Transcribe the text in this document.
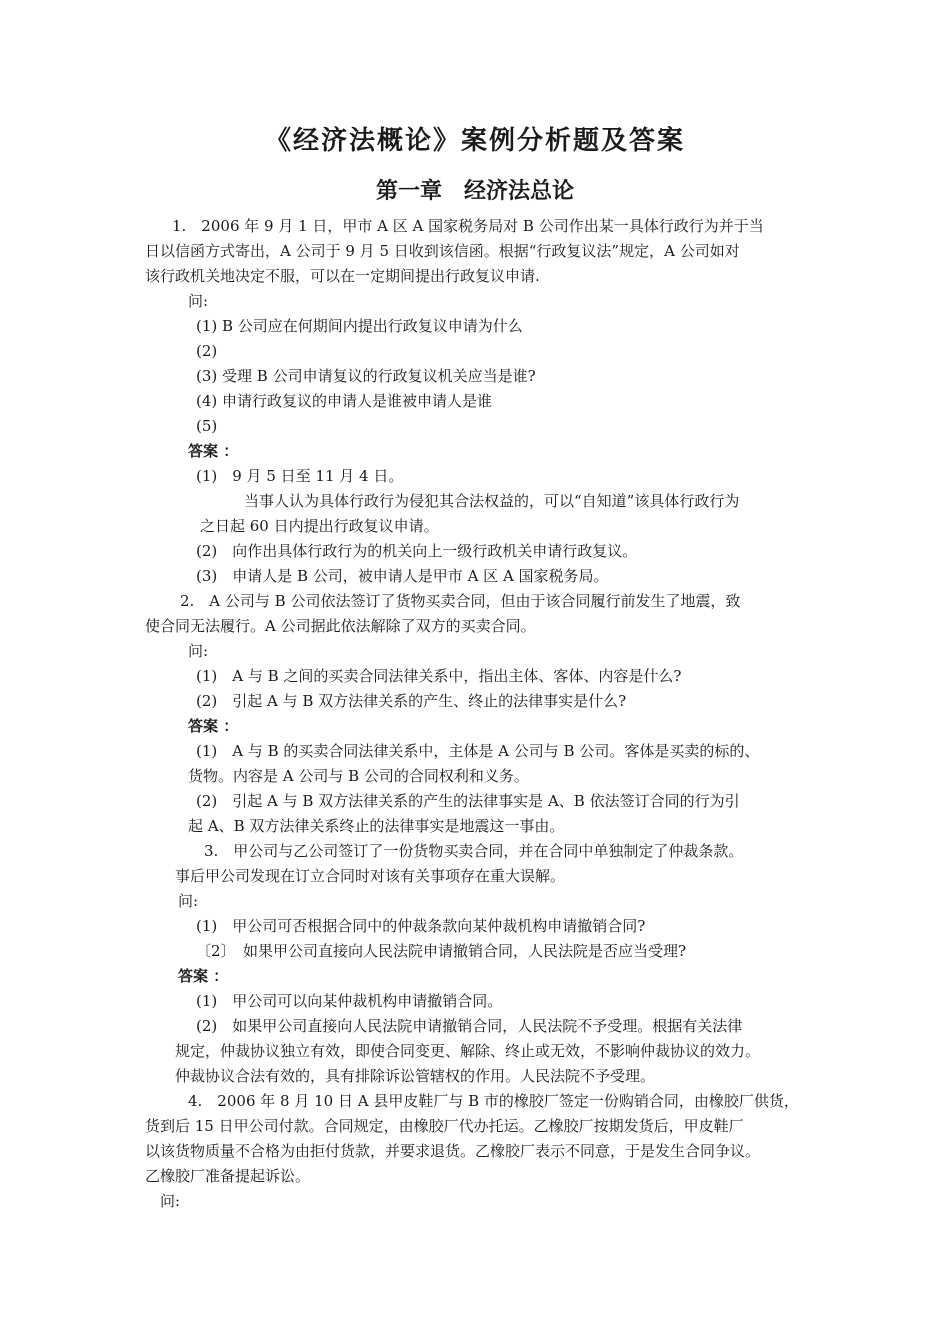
《经济法概论》案例分析题及答案
第一章　经济法总论
1.　2006 年 9 月 1 日，甲市 A 区 A 国家税务局对 B 公司作出某一具体行政行为并于当
日以信函方式寄出，A 公司于 9 月 5 日收到该信函。根据“行政复议法”规定，A 公司如对
该行政机关地决定不服，可以在一定期间提出行政复议申请.
问:
(1) B 公司应在何期间内提出行政复议申请为什么
(2)
(3) 受理 B 公司申请复议的行政复议机关应当是谁?
(4) 申请行政复议的申请人是谁被申请人是谁
(5)
答案 ：
(1)　9 月 5 日至 11 月 4 日。
当事人认为具体行政行为侵犯其合法权益的，可以“自知道”该具体行政行为
之日起 60 日内提出行政复议申请。
(2)　向作出具体行政行为的机关向上一级行政机关申请行政复议。
(3)　申请人是 B 公司，被申请人是甲市 A 区 A 国家税务局。
2.　A 公司与 B 公司依法签订了货物买卖合同，但由于该合同履行前发生了地震，致
使合同无法履行。A 公司据此依法解除了双方的买卖合同。
问:
(1)　A 与 B 之间的买卖合同法律关系中，指出主体、客体、内容是什么?
(2)　引起 A 与 B 双方法律关系的产生、终止的法律事实是什么?
答案 ：
(1)　A 与 B 的买卖合同法律关系中，主体是 A 公司与 B 公司。客体是买卖的标的、
货物。内容是 A 公司与 B 公司的合同权利和义务。
(2)　引起 A 与 B 双方法律关系的产生的法律事实是 A、B 依法签订合同的行为引
起 A、B 双方法律关系终止的法律事实是地震这一事由。
3.　甲公司与乙公司签订了一份货物买卖合同，并在合同中单独制定了仲裁条款。
事后甲公司发现在订立合同时对该有关事项存在重大误解。
问:
(1)　甲公司可否根据合同中的仲裁条款向某仲裁机构申请撤销合同?
〔2〕　如果甲公司直接向人民法院申请撤销合同，人民法院是否应当受理?
答案 ：
(1)　甲公司可以向某仲裁机构申请撤销合同。
(2)　如果甲公司直接向人民法院申请撤销合同，人民法院不予受理。根据有关法律
规定，仲裁协议独立有效，即使合同变更、解除、终止或无效，不影响仲裁协议的效力。
仲裁协议合法有效的，具有排除诉讼管辖权的作用。人民法院不予受理。
4.　2006 年 8 月 10 日 A 县甲皮鞋厂与 B 市的橡胶厂签定一份购销合同，由橡胶厂供货，
货到后 15 日甲公司付款。合同规定，由橡胶厂代办托运。乙橡胶厂按期发货后，甲皮鞋厂
以该货物质量不合格为由拒付货款，并要求退货。乙橡胶厂表示不同意，于是发生合同争议。
乙橡胶厂准备提起诉讼。
问:
